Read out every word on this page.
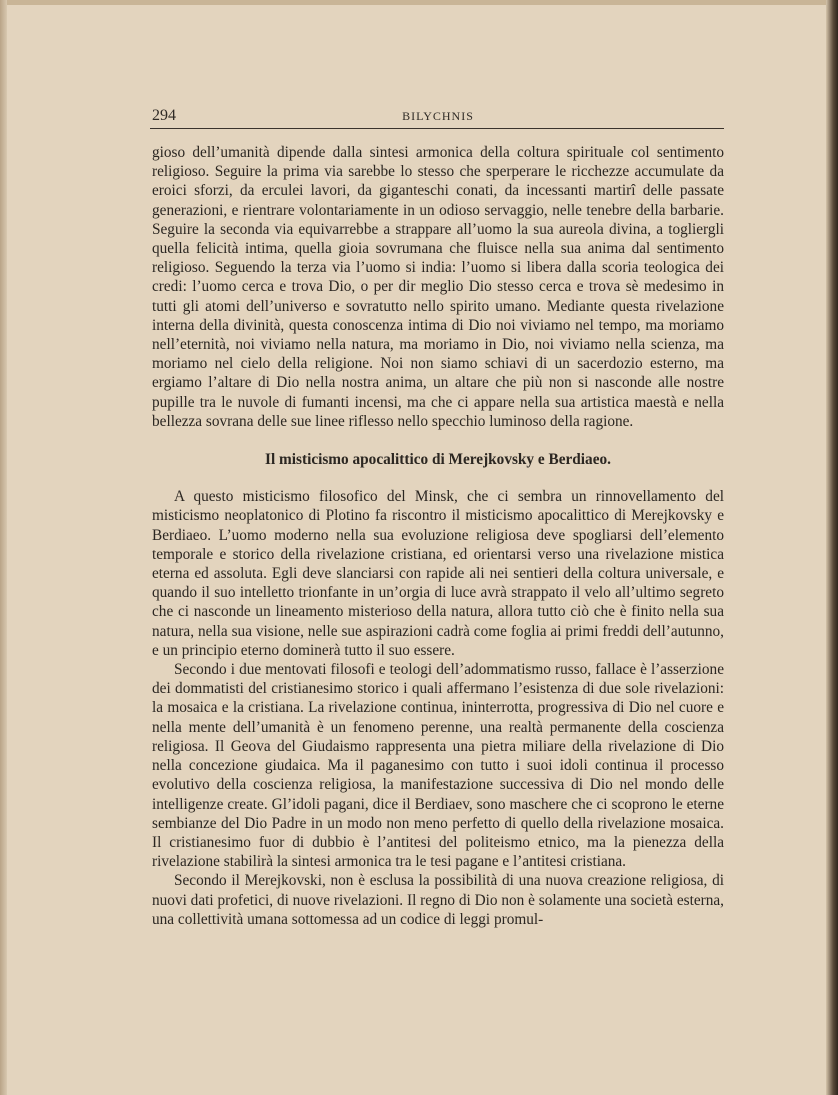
294	BILYCHNIS

gioso dell’umanità dipende dalla sintesi armonica della coltura spirituale col sentimento religioso. Seguire la prima via sarebbe lo stesso che sperperare le ricchezze accumulate da eroici sforzi, da erculei lavori, da giganteschi conati, da incessanti martirî delle passate generazioni, e rientrare volontariamente in un odioso servaggio, nelle tenebre della barbarie. Seguire la seconda via equivarrebbe a strappare all’uomo la sua aureola divina, a togliergli quella felicità intima, quella gioia sovrumana che fluisce nella sua anima dal sentimento religioso. Seguendo la terza via l’uomo si india: l’uomo si libera dalla scoria teologica dei credi: l’uomo cerca e trova Dio, o per dir meglio Dio stesso cerca e trova sè medesimo in tutti gli atomi dell’universo e sovratutto nello spirito umano. Mediante questa rivelazione interna della divinità, questa conoscenza intima di Dio noi viviamo nel tempo, ma moriamo nell’eternità, noi viviamo nella natura, ma moriamo in Dio, noi viviamo nella scienza, ma moriamo nel cielo della religione. Noi non siamo schiavi di un sacerdozio esterno, ma ergiamo l’altare di Dio nella nostra anima, un altare che più non si nasconde alle nostre pupille tra le nuvole di fumanti incensi, ma che ci appare nella sua artistica maestà e nella bellezza sovrana delle sue linee riflesso nello specchio luminoso della ragione.

Il misticismo apocalittico di Merejkovsky e Berdiaeo.

A questo misticismo filosofico del Minsk, che ci sembra un rinnovellamento del misticismo neoplatonico di Plotino fa riscontro il misticismo apocalittico di Merejkovsky e Berdiaeo. L’uomo moderno nella sua evoluzione religiosa deve spogliarsi dell’elemento temporale e storico della rivelazione cristiana, ed orientarsi verso una rivelazione mistica eterna ed assoluta. Egli deve slanciarsi con rapide ali nei sentieri della coltura universale, e quando il suo intelletto trionfante in un’orgia di luce avrà strappato il velo all’ultimo segreto che ci nasconde un lineamento misterioso della natura, allora tutto ciò che è finito nella sua natura, nella sua visione, nelle sue aspirazioni cadrà come foglia ai primi freddi dell’autunno, e un principio eterno dominerà tutto il suo essere.

Secondo i due mentovati filosofi e teologi dell’adommatismo russo, fallace è l’asserzione dei dommatisti del cristianesimo storico i quali affermano l’esistenza di due sole rivelazioni: la mosaica e la cristiana. La rivelazione continua, ininterrotta, progressiva di Dio nel cuore e nella mente dell’umanità è un fenomeno perenne, una realtà permanente della coscienza religiosa. Il Geova del Giudaismo rappresenta una pietra miliare della rivelazione di Dio nella concezione giudaica. Ma il paganesimo con tutto i suoi idoli continua il processo evolutivo della coscienza religiosa, la manifestazione successiva di Dio nel mondo delle intelligenze create. Gl’idoli pagani, dice il Berdiaev, sono maschere che ci scoprono le eterne sembianze del Dio Padre in un modo non meno perfetto di quello della rivelazione mosaica. Il cristianesimo fuor di dubbio è l’antitesi del politeismo etnico, ma la pienezza della rivelazione stabilirà la sintesi armonica tra le tesi pagane e l’antitesi cristiana.

Secondo il Merejkovski, non è esclusa la possibilità di una nuova creazione religiosa, di nuovi dati profetici, di nuove rivelazioni. Il regno di Dio non è solamente una società esterna, una collettività umana sottomessa ad un codice di leggi promul-
